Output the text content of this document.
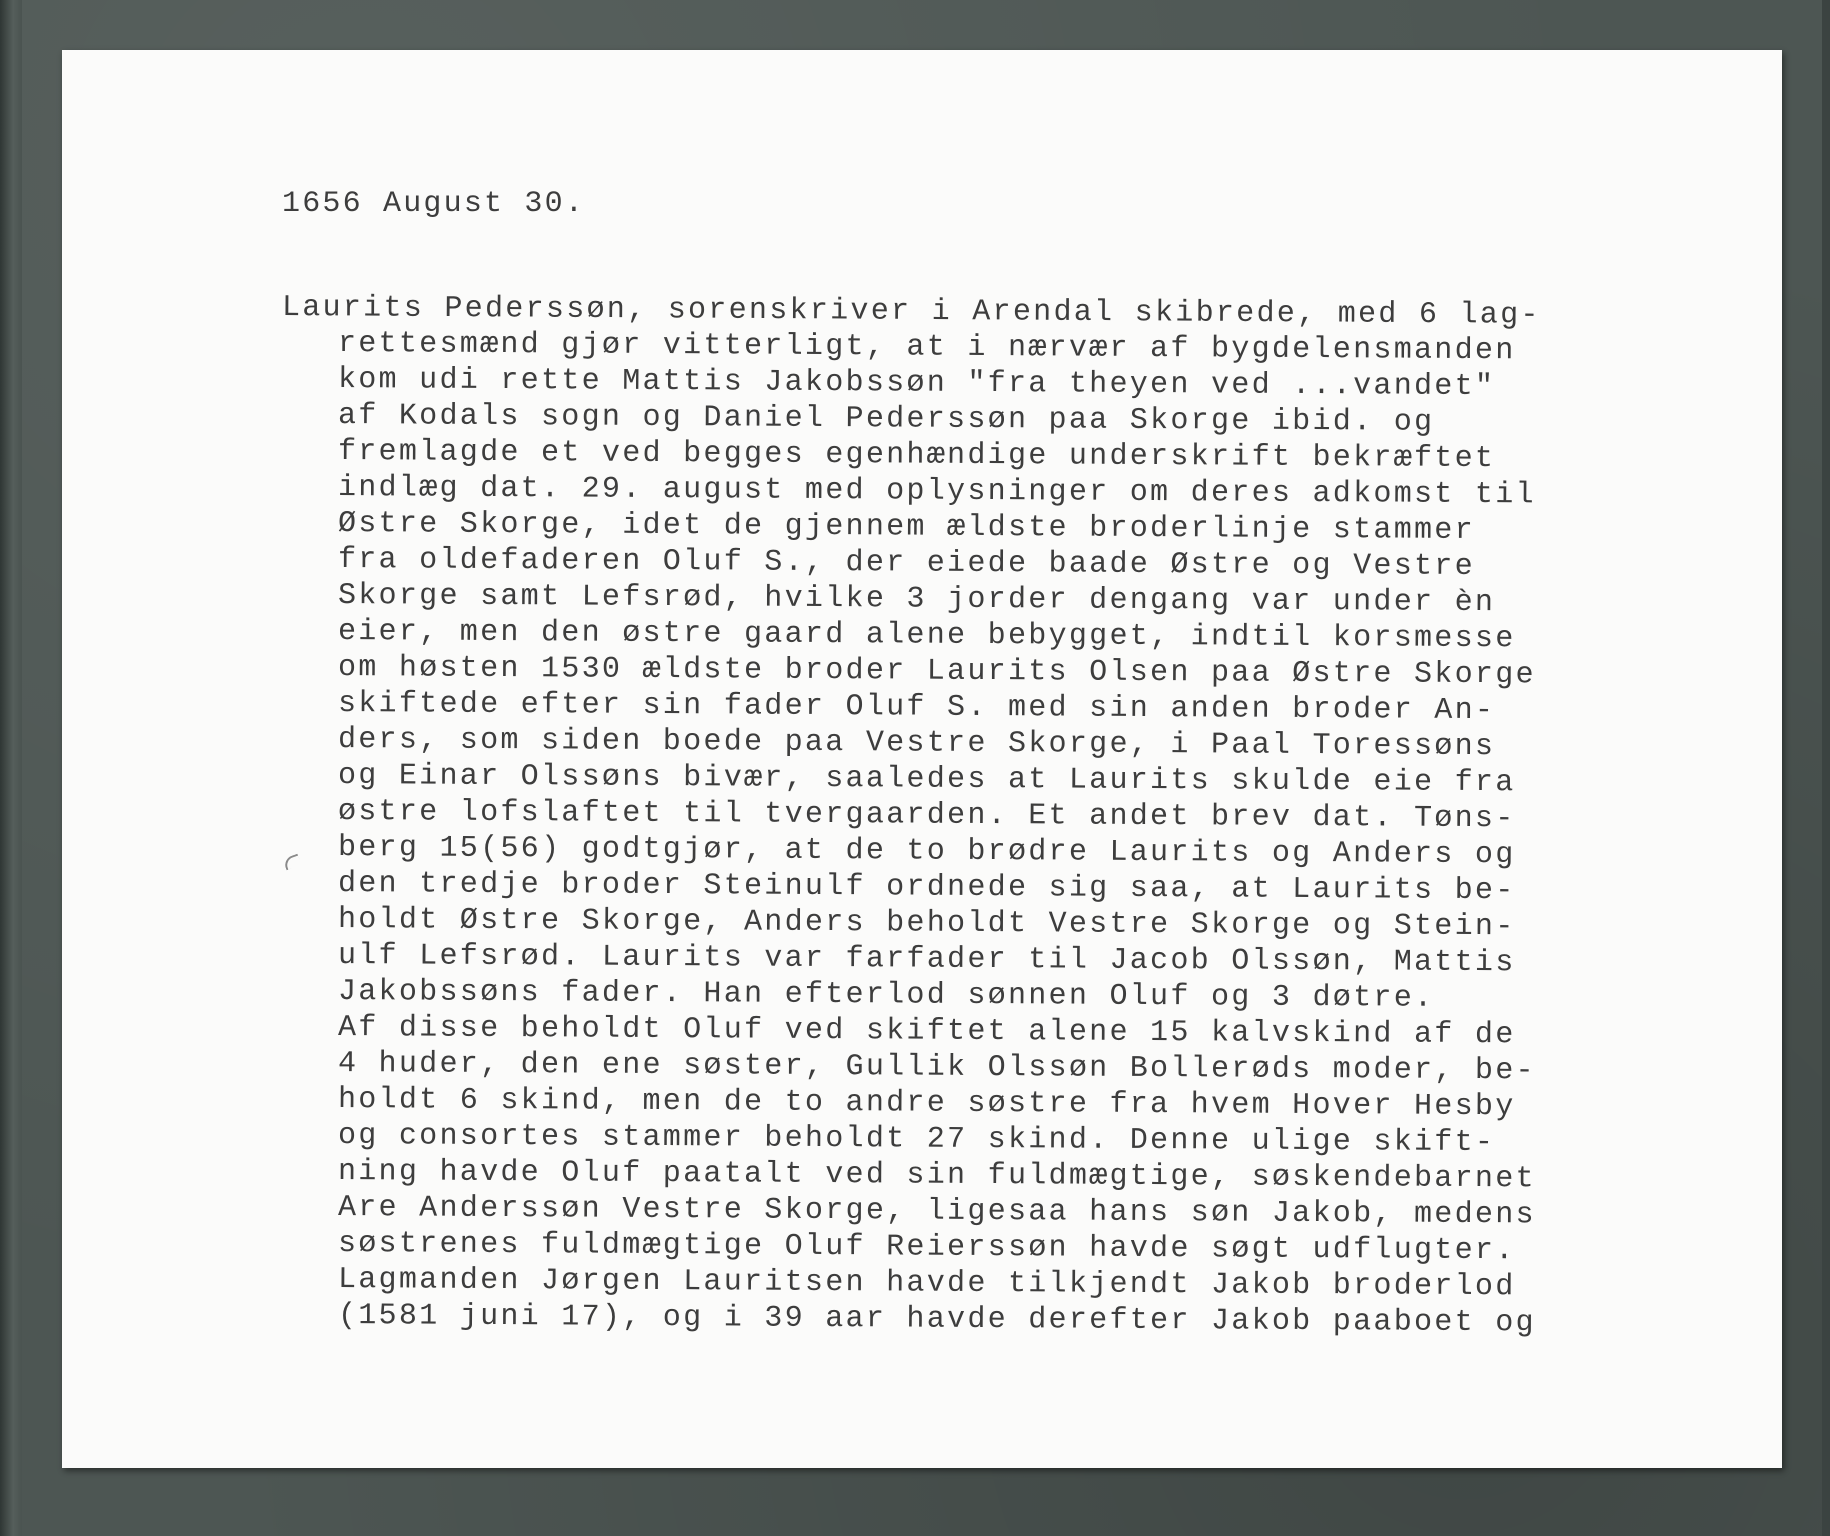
1656 August 30.
Laurits Pederssøn, sorenskriver i Arendal skibrede, med 6 lag-
rettesmænd gjør vitterligt, at i nærvær af bygdelensmanden
kom udi rette Mattis Jakobssøn "fra theyen ved ...vandet"
af Kodals sogn og Daniel Pederssøn paa Skorge ibid. og
fremlagde et ved begges egenhændige underskrift bekræftet
indlæg dat. 29. august med oplysninger om deres adkomst til
Østre Skorge, idet de gjennem ældste broderlinje stammer
fra oldefaderen Oluf S., der eiede baade Østre og Vestre
Skorge samt Lefsrød, hvilke 3 jorder dengang var under èn
eier, men den østre gaard alene bebygget, indtil korsmesse
om høsten 1530 ældste broder Laurits Olsen paa Østre Skorge
skiftede efter sin fader Oluf S. med sin anden broder An-
ders, som siden boede paa Vestre Skorge, i Paal Toressøns
og Einar Olssøns bivær, saaledes at Laurits skulde eie fra
østre lofslaftet til tvergaarden. Et andet brev dat. Tøns-
berg 15(56) godtgjør, at de to brødre Laurits og Anders og
den tredje broder Steinulf ordnede sig saa, at Laurits be-
holdt Østre Skorge, Anders beholdt Vestre Skorge og Stein-
ulf Lefsrød. Laurits var farfader til Jacob Olssøn, Mattis
Jakobssøns fader. Han efterlod sønnen Oluf og 3 døtre.
Af disse beholdt Oluf ved skiftet alene 15 kalvskind af de
4 huder, den ene søster, Gullik Olssøn Bollerøds moder, be-
holdt 6 skind, men de to andre søstre fra hvem Hover Hesby
og consortes stammer beholdt 27 skind. Denne ulige skift-
ning havde Oluf paatalt ved sin fuldmægtige, søskendebarnet
Are Anderssøn Vestre Skorge, ligesaa hans søn Jakob, medens
søstrenes fuldmægtige Oluf Reierssøn havde søgt udflugter.
Lagmanden Jørgen Lauritsen havde tilkjendt Jakob broderlod
(1581 juni 17), og i 39 aar havde derefter Jakob paaboet og
